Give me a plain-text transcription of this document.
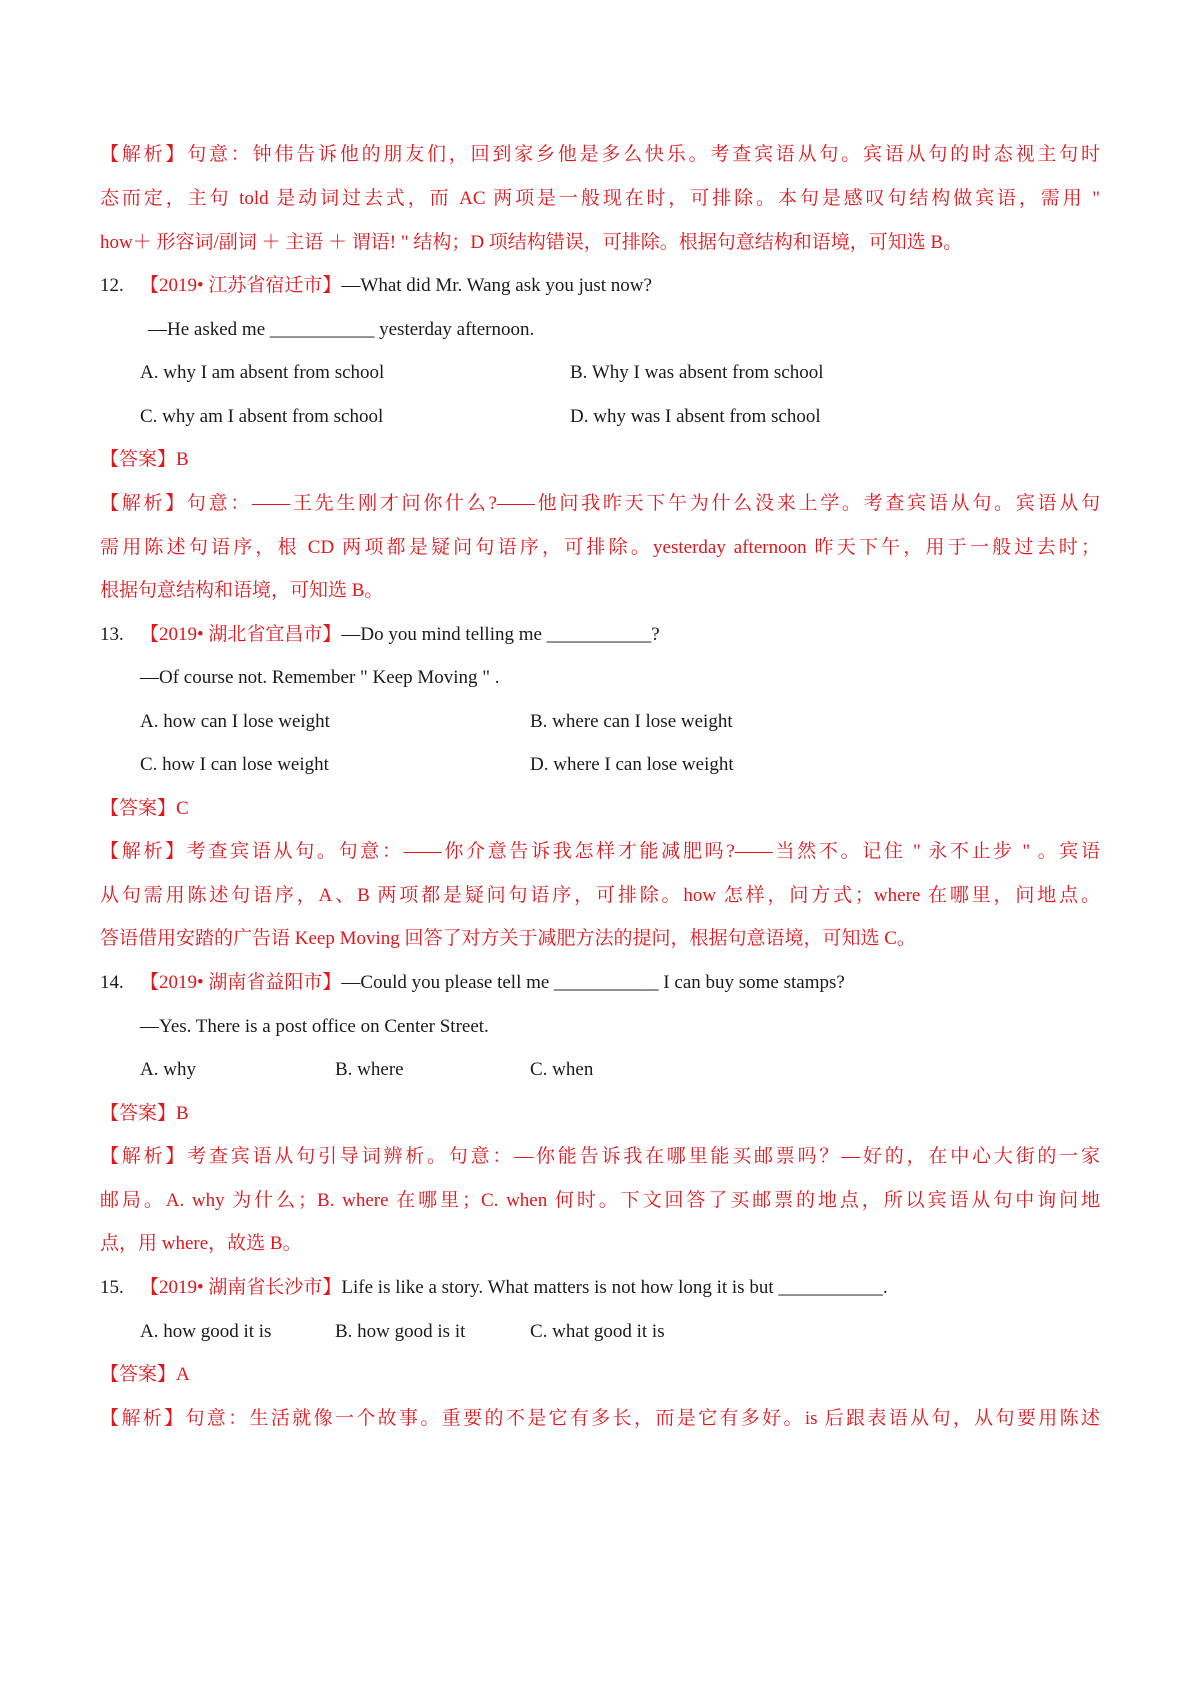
【解析】句意：钟伟告诉他的朋友们，回到家乡他是多么快乐。考查宾语从句。宾语从句的时态视主句时
态而定，主句 told 是动词过去式，而 AC 两项是一般现在时，可排除。本句是感叹句结构做宾语，需用 "
how＋ 形容词/副词 ＋ 主语 ＋ 谓语! " 结构；D 项结构错误，可排除。根据句意结构和语境，可知选 B。
12. 【2019• 江苏省宿迁市】—What did Mr. Wang ask you just now?
—He asked me ___________ yesterday afternoon.
A. why I am absent from school	B. Why I was absent from school
C. why am I absent from school	D. why was I absent from school
【答案】B
【解析】句意：——王先生刚才问你什么?——他问我昨天下午为什么没来上学。考查宾语从句。宾语从句
需用陈述句语序，根 CD 两项都是疑问句语序，可排除。yesterday afternoon 昨天下午，用于一般过去时；
根据句意结构和语境，可知选 B。
13. 【2019• 湖北省宜昌市】—Do you mind telling me ___________?
—Of course not. Remember " Keep Moving " .
A. how can I lose weight	B. where can I lose weight
C. how I can lose weight	D. where I can lose weight
【答案】C
【解析】考查宾语从句。句意：——你介意告诉我怎样才能减肥吗?——当然不。记住 " 永不止步 " 。宾语
从句需用陈述句语序，A、B 两项都是疑问句语序，可排除。how 怎样，问方式；where 在哪里，问地点。
答语借用安踏的广告语 Keep Moving 回答了对方关于减肥方法的提问，根据句意语境，可知选 C。
14. 【2019• 湖南省益阳市】—Could you please tell me ___________ I can buy some stamps?
—Yes. There is a post office on Center Street.
A. why	B. where	C. when
【答案】B
【解析】考查宾语从句引导词辨析。句意：—你能告诉我在哪里能买邮票吗？—好的，在中心大街的一家
邮局。A. why 为什么；B. where 在哪里；C. when 何时。下文回答了买邮票的地点，所以宾语从句中询问地
点，用 where，故选 B。
15. 【2019• 湖南省长沙市】Life is like a story. What matters is not how long it is but ___________.
A. how good it is	B. how good is it	C. what good it is
【答案】A
【解析】句意：生活就像一个故事。重要的不是它有多长，而是它有多好。is 后跟表语从句，从句要用陈述
